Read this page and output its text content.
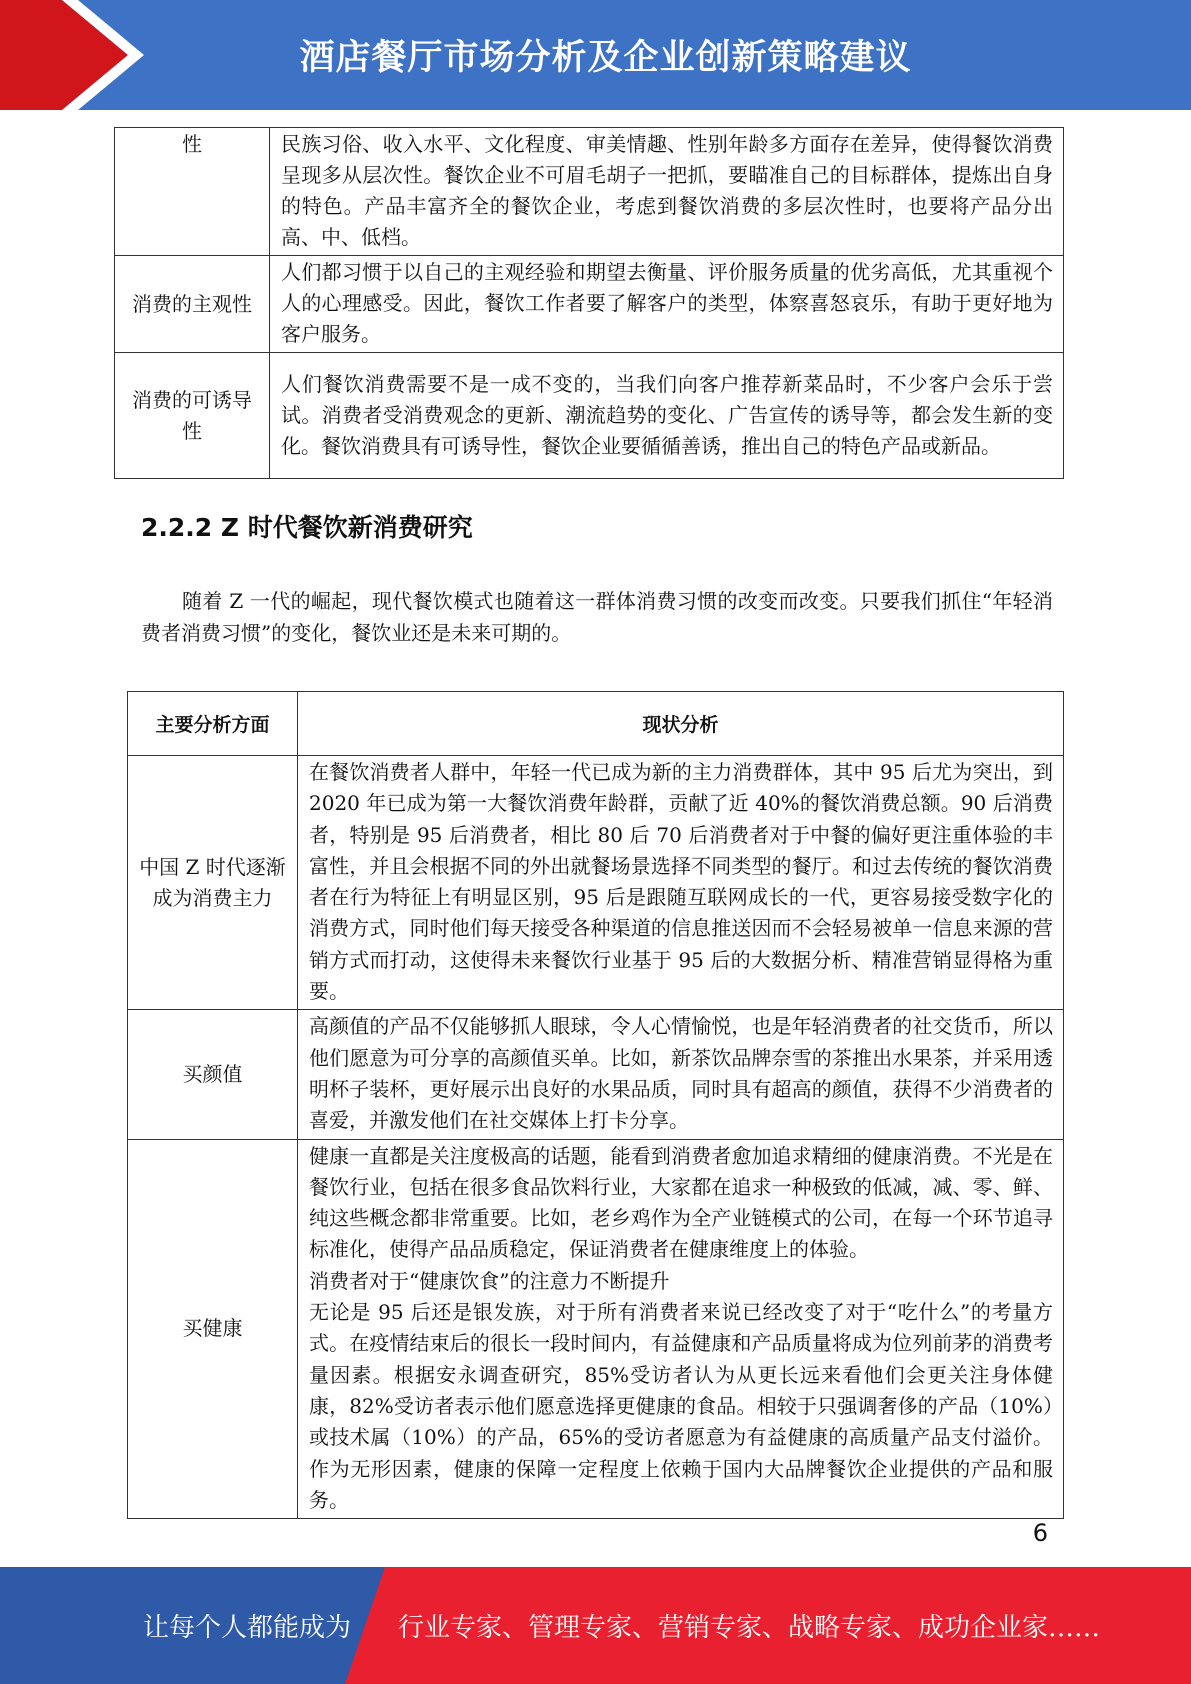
酒店餐厅市场分析及企业创新策略建议
性	民族习俗、收入水平、文化程度、审美情趣、性别年龄多方面存在差异，使得餐饮消费呈现多从层次性。餐饮企业不可眉毛胡子一把抓，要瞄准自己的目标群体，提炼出自身的特色。产品丰富齐全的餐饮企业，考虑到餐饮消费的多层次性时，也要将产品分出高、中、低档。
消费的主观性	人们都习惯于以自己的主观经验和期望去衡量、评价服务质量的优劣高低，尤其重视个人的心理感受。因此，餐饮工作者要了解客户的类型，体察喜怒哀乐，有助于更好地为客户服务。
消费的可诱导性	人们餐饮消费需要不是一成不变的，当我们向客户推荐新菜品时，不少客户会乐于尝试。消费者受消费观念的更新、潮流趋势的变化、广告宣传的诱导等，都会发生新的变化。餐饮消费具有可诱导性，餐饮企业要循循善诱，推出自己的特色产品或新品。
2.2.2 Z 时代餐饮新消费研究
随着 Z 一代的崛起，现代餐饮模式也随着这一群体消费习惯的改变而改变。只要我们抓住“年轻消费者消费习惯”的变化，餐饮业还是未来可期的。
主要分析方面	现状分析
中国 Z 时代逐渐成为消费主力	在餐饮消费者人群中，年轻一代已成为新的主力消费群体，其中 95 后尤为突出，到 2020 年已成为第一大餐饮消费年龄群，贡献了近 40%的餐饮消费总额。90 后消费者，特别是 95 后消费者，相比 80 后 70 后消费者对于中餐的偏好更注重体验的丰富性，并且会根据不同的外出就餐场景选择不同类型的餐厅。和过去传统的餐饮消费者在行为特征上有明显区别，95 后是跟随互联网成长的一代，更容易接受数字化的消费方式，同时他们每天接受各种渠道的信息推送因而不会轻易被单一信息来源的营销方式而打动，这使得未来餐饮行业基于 95 后的大数据分析、精准营销显得格为重要。

买颜值	高颜值的产品不仅能够抓人眼球，令人心情愉悦，也是年轻消费者的社交货币，所以他们愿意为可分享的高颜值买单。比如，新茶饮品牌奈雪的茶推出水果茶，并采用透明杯子装杯，更好展示出良好的水果品质，同时具有超高的颜值，获得不少消费者的喜爱，并激发他们在社交媒体上打卡分享。

买健康	健康一直都是关注度极高的话题，能看到消费者愈加追求精细的健康消费。不光是在餐饮行业，包括在很多食品饮料行业，大家都在追求一种极致的低减，减、零、鲜、纯这些概念都非常重要。比如，老乡鸡作为全产业链模式的公司，在每一个环节追寻标准化，使得产品品质稳定，保证消费者在健康维度上的体验。
消费者对于“健康饮食”的注意力不断提升
无论是 95 后还是银发族，对于所有消费者来说已经改变了对于“吃什么”的考量方式。在疫情结束后的很长一段时间内，有益健康和产品质量将成为位列前茅的消费考量因素。根据安永调查研究，85%受访者认为从更长远来看他们会更关注身体健康，82%受访者表示他们愿意选择更健康的食品。相较于只强调奢侈的产品（10%）或技术属（10%）的产品，65%的受访者愿意为有益健康的高质量产品支付溢价。作为无形因素，健康的保障一定程度上依赖于国内大品牌餐饮企业提供的产品和服务。
6
让每个人都能成为 行业专家、管理专家、营销专家、战略专家、成功企业家……
